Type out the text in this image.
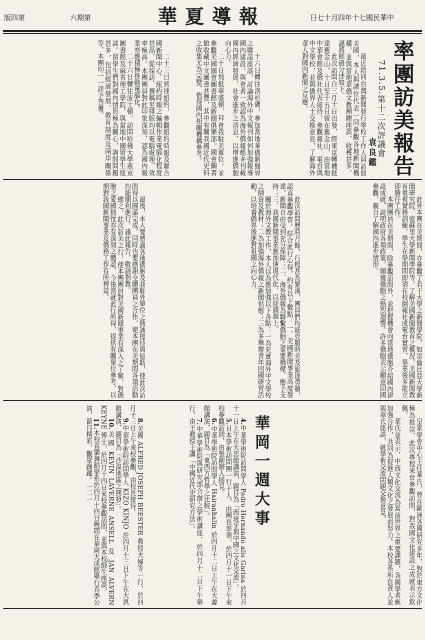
版四第	六期第	華夏導報	日七十月四年十七國民華中
率團訪美報告
71.3.5.第十二次評議會
袁良鑑

最近陪同台灣新聞發行學校工作人員訪問美國，本人與諸位代表一同參觀各地新聞機構，並與當地華僑文教團體座談，收穫甚多，謹將經過分述如下。

此次訪問自三月十日出發，經東京轉機抵達舊金山，十日至十五日留在舊金山，由當地中華會館及僑社代表接待，參觀報社、電台與中文學校，並與僑界人士交換意見，了解海外華人對國內新聞之反應。

十六日轉往洛杉磯，參加當地華僑新聞界之聯誼座談，討論海外中文報刊如何加強報導國內建設。與會者一致認為海外僑報應多刊載國內經濟發展、社會進步之消息，以增進僑胞向心力。

二十日飛抵華盛頓，拜會我駐美單位，並參觀美國國會圖書館及新聞俱樂部。國會圖書館收藏中文圖書甚豐，其中有關我國近代史料之收集尤為完整，值得國內相關機構參考。

二十三日到達紐約，參觀紐約時報及聯合國新聞中心。紐約時報之編輯作業電腦化程度甚高，從採訪、撰稿至排版均以電腦處理，效率極高。本團團員對此印象深刻，認為國內報業亦應積極推動電腦化。

二十六日轉往波士頓，訪問哈佛大學燕京圖書館及麻省理工學院，與當地中國留學生座談。留學生們對國內情形極為關心，詢問問題甚多，包括經濟發展、教育制度及兩岸關係等，本團均一一詳予答覆。

此外本團在美期間，亦參觀了若干大學之新聞學院，如哥倫比亞大學新聞研究院、密蘇里大學新聞學院等，了解美國新聞教育之概況。美國新聞教育重視實務訓練，學生在學期間即須在校園報社或電台實習，畢業後多能立即勝任工作。

本團團員在美期間，除參觀訪問外，並把握機會向當地僑胞介紹國內建設成就，說明政府各項政策，頗獲僑胞之熱烈迴響。許多僑胞表示願意回國參觀，親自了解國內進步情形。

此次訪問歷時月餘，行程甚為緊湊，團員們均能克服時差及旅途勞頓，認真參觀學習。綜合此行心得，約有以下數點：一、美國新聞事業高度發達，新聞自由受到充分保障；二、海外僑報為聯繫僑胞之重要橋樑，應予支持；三、我國新聞事業應加速現代化，以迎頭趕上。

關於海外文教工作，本人以為應加強以下各點：一為充實海外中文學校之師資及教材；二為加強海外僑報之新聞供應；三為多舉辦青年回國研習活動，以培養僑界後進對祖國之向心力。

最後，本人要感謝各地僑胞及我駐外單位之熱誠接待與協助，使此次訪問得以圓滿完成。同時也要感謝全體團員之合作，使本團在美期間各項活動均能順利進行。謹此報告，敬請指教。

總之，此次訪美之行，使本團團員對美國新聞事業有深入之了解，對僑胞之愛國熱忱亦有深刻之體認。今後當就此行所得，提供有關單位參考，以期對我國新聞事業及僑務工作有所裨益。

皇家學會中心主任華氏，曾在歐洲各國研究多年，對於東方文化極為推崇，此次專程來台參觀訪問，對我國文化建設之成就表示欽佩。

華氏並表示，中西文化交流為當前世界之重要課題，各國學者應加強合作，共同為促進人類文化之發展而努力。本校各系所負責人並與華氏座談，就學術交流問題交換意見。

華岡一週大事

4.中華學術院訪問學人 Pedro Hernando alis Garina 於四月十一日上午在大忠館講演，題目為「西班牙與中國之文化交流」。

5.日本學術訪問團一行十人，由團長率領，於四月十一日下午來校參觀訪問，由張創辦人接見。

6.中華學術院訪問學人 Hairanhalin 於四月十二日上午在大義館講演，題目為「東西方哲學之比較」。

7.中華學術院與研究部合辦之學術講座，於四月十二日下午舉行，由王教授主講「中國近代史研究方法」。

8.美國 ALFRED JOSEPH BEESTER 教授夫婦等一行，於四月十三日上午來校參觀，由校長接待。

9.中華學術院訪問學人 KIZO KINJO 於四月十三日下午在大恩館講演，題目為「沙漠地區之開發」。

10.美國 KEVIN LAVERNE ANSELL 及 JAN ALVERN KEYNE 博士，於四月十四日來校參觀訪問，並與本校師生座談。

11.本校音樂舞蹈學系於四月十四日晚間在華岡大成館舉行春季公演，節目精彩，觀眾踴躍。一二一
